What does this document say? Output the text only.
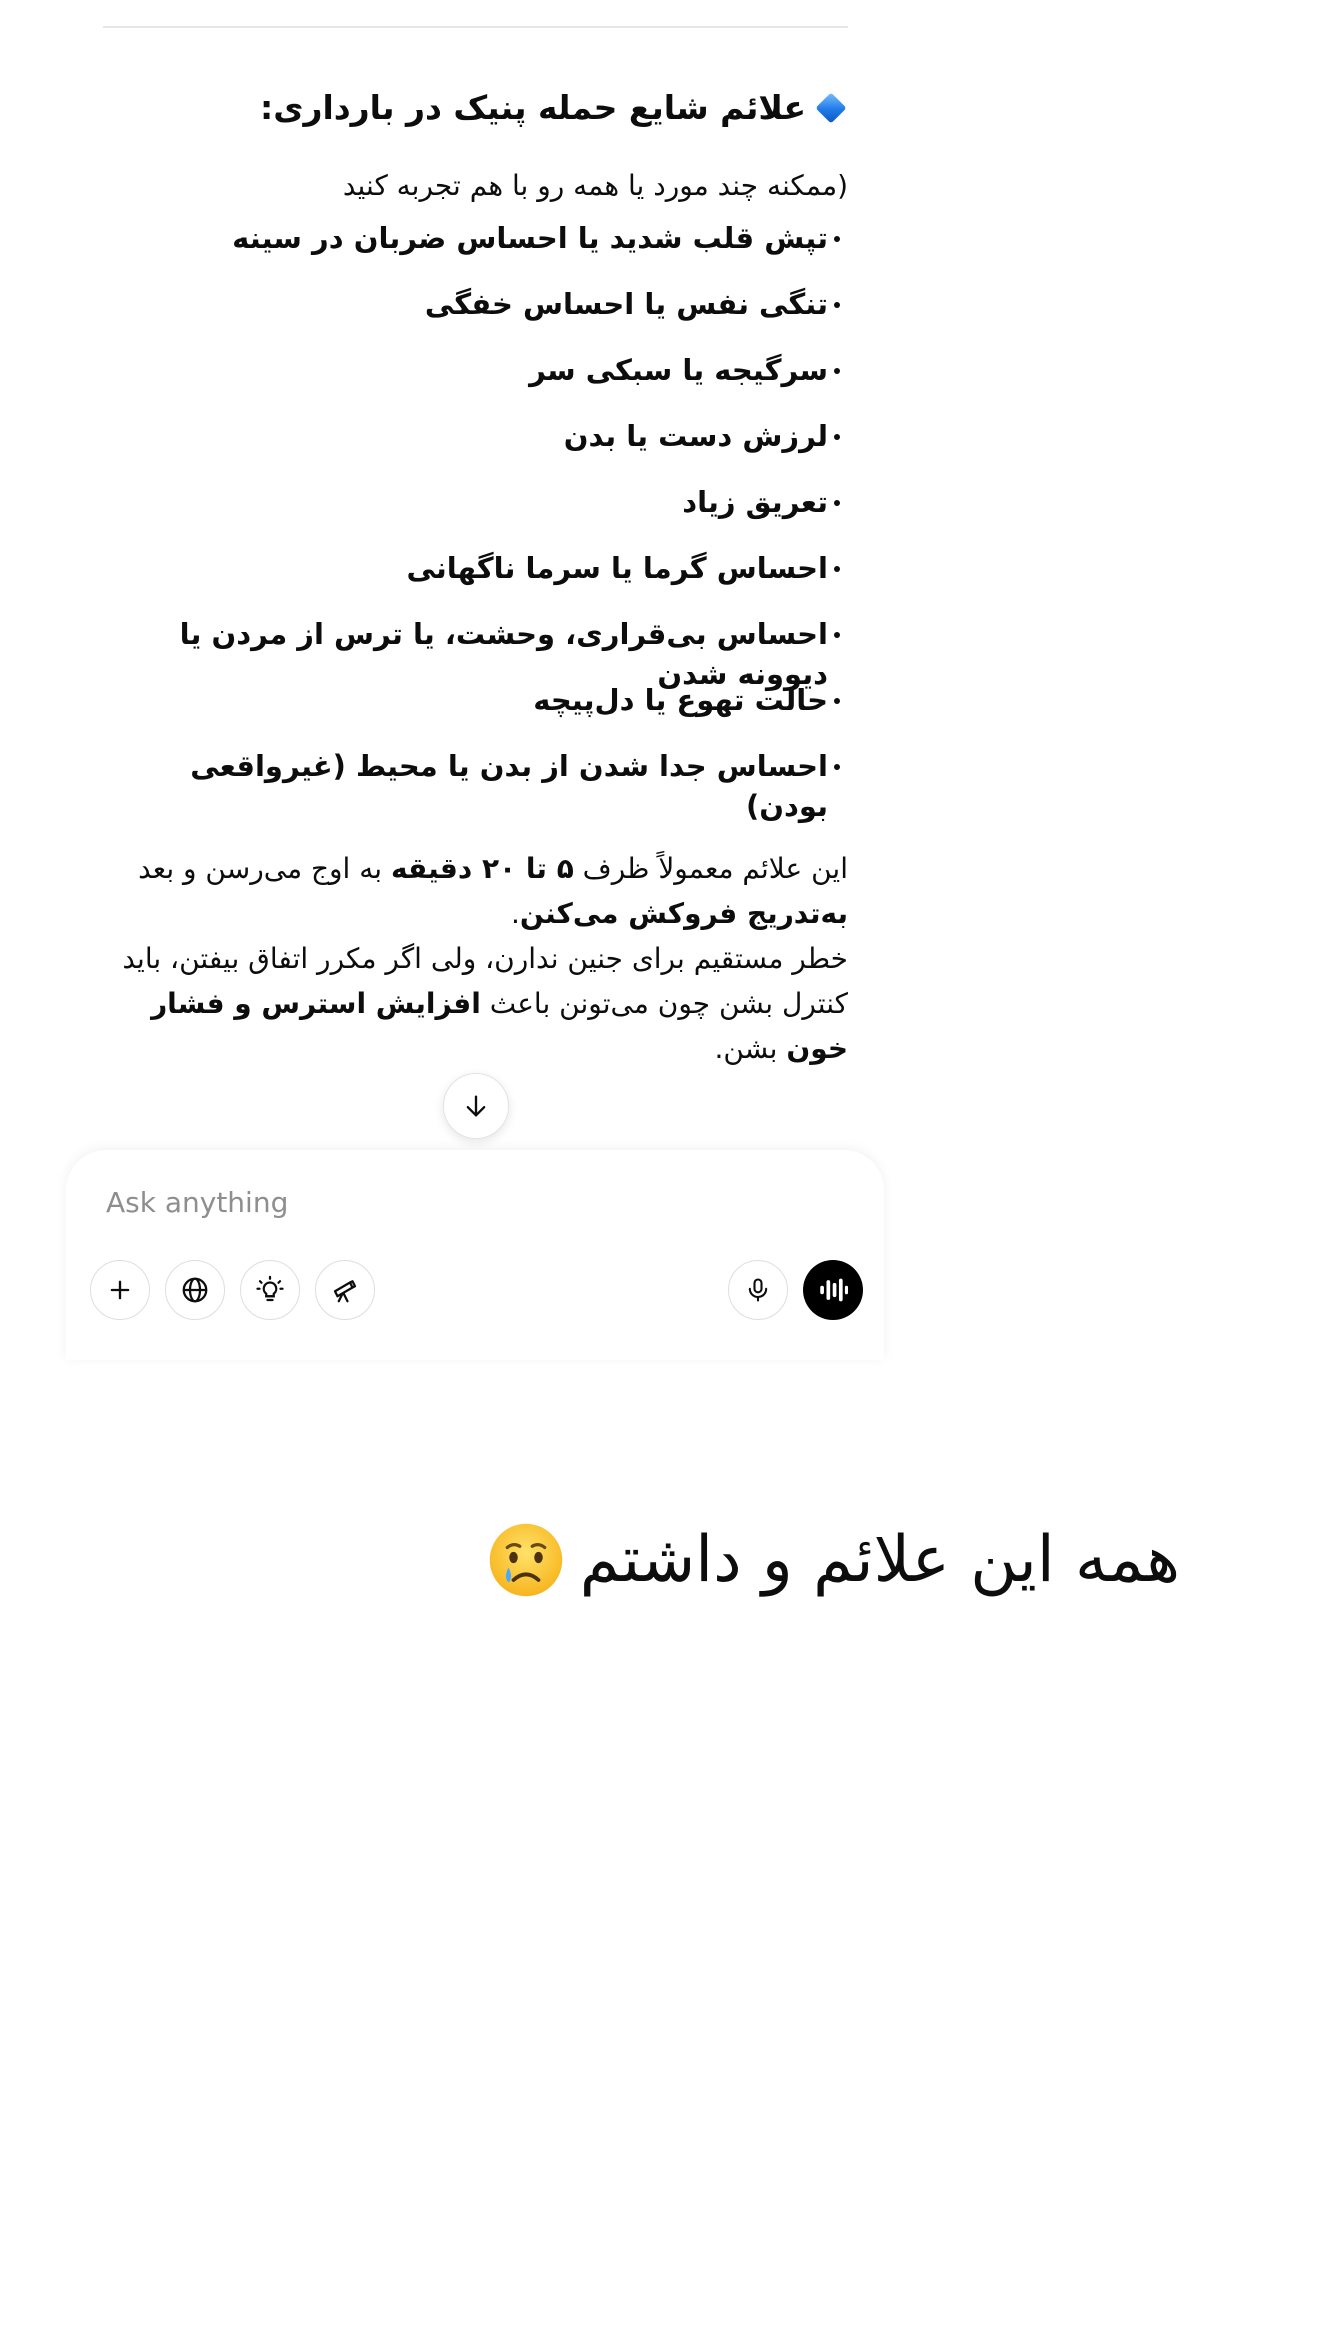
علائم شایع حمله پنیک در بارداری:

(ممکنه چند مورد یا همه رو با هم تجربه کنید

تپش قلب شدید یا احساس ضربان در سینه
تنگی نفس یا احساس خفگی
سرگیجه یا سبکی سر
لرزش دست یا بدن
تعریق زیاد
احساس گرما یا سرما ناگهانی
احساس بی‌قراری، وحشت، یا ترس از مردن یا دیوونه شدن
حالت تهوع یا دل‌پیچه
احساس جدا شدن از بدن یا محیط (غیرواقعی بودن)

این علائم معمولاً ظرف ۵ تا ۲۰ دقیقه به اوج می‌رسن و بعد به‌تدریج فروکش می‌کنن.

خطر مستقیم برای جنین ندارن، ولی اگر مکرر اتفاق بیفتن، باید کنترل بشن چون می‌تونن باعث افزایش استرس و فشار خون بشن.

Ask anything
همه این علائم و داشتم
